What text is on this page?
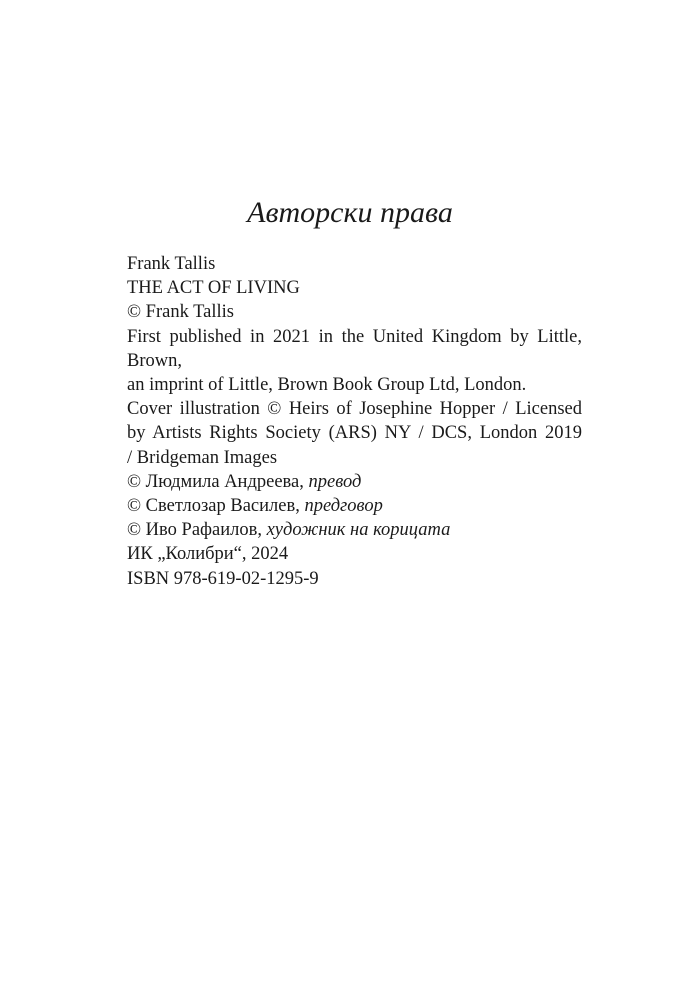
Авторски права
Frank Tallis
THE ACT OF LIVING
© Frank Tallis
First published in 2021 in the United Kingdom by Little,
Brown,
an imprint of Little, Brown Book Group Ltd, London.
Cover illustration © Heirs of Josephine Hopper / Licensed
by Artists Rights Society (ARS) NY / DCS, London 2019
/ Bridgeman Images
© Людмила Андреева, превод
© Светлозар Василев, предговор
© Иво Рафаилов, художник на корицата
ИК „Колибри“, 2024
ISBN 978-619-02-1295-9
